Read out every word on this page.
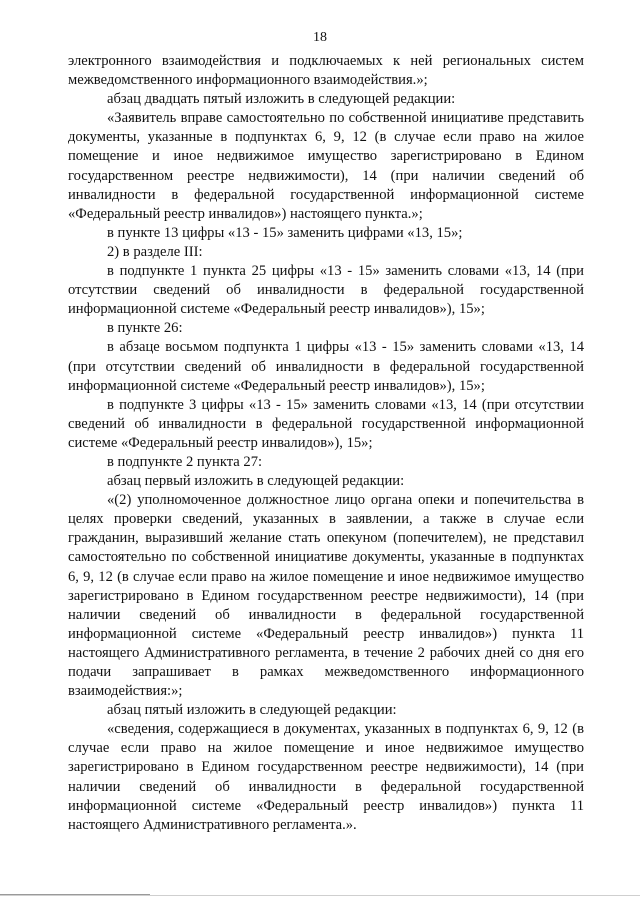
18

электронного взаимодействия и подключаемых к ней региональных систем межведомственного информационного взаимодействия.»;

абзац двадцать пятый изложить в следующей редакции:

«Заявитель вправе самостоятельно по собственной инициативе представить документы, указанные в подпунктах 6, 9, 12 (в случае если право на жилое помещение и иное недвижимое имущество зарегистрировано в Едином государственном реестре недвижимости), 14 (при наличии сведений об инвалидности в федеральной государственной информационной системе «Федеральный реестр инвалидов») настоящего пункта.»;

в пункте 13 цифры «13 - 15» заменить цифрами «13, 15»;

2) в разделе III:

в подпункте 1 пункта 25 цифры «13 - 15» заменить словами «13, 14 (при отсутствии сведений об инвалидности в федеральной государственной информационной системе «Федеральный реестр инвалидов»), 15»;

в пункте 26:

в абзаце восьмом подпункта 1 цифры «13 - 15» заменить словами «13, 14 (при отсутствии сведений об инвалидности в федеральной государственной информационной системе «Федеральный реестр инвалидов»), 15»;

в подпункте 3 цифры «13 - 15» заменить словами «13, 14 (при отсутствии сведений об инвалидности в федеральной государственной информационной системе «Федеральный реестр инвалидов»), 15»;

в подпункте 2 пункта 27:

абзац первый изложить в следующей редакции:

«(2) уполномоченное должностное лицо органа опеки и попечительства в целях проверки сведений, указанных в заявлении, а также в случае если гражданин, выразивший желание стать опекуном (попечителем), не представил самостоятельно по собственной инициативе документы, указанные в подпунктах 6, 9, 12 (в случае если право на жилое помещение и иное недвижимое имущество зарегистрировано в Едином государственном реестре недвижимости), 14 (при наличии сведений об инвалидности в федеральной государственной информационной системе «Федеральный реестр инвалидов») пункта 11 настоящего Административного регламента, в течение 2 рабочих дней со дня его подачи запрашивает в рамках межведомственного информационного взаимодействия:»;

абзац пятый изложить в следующей редакции:

«сведения, содержащиеся в документах, указанных в подпунктах 6, 9, 12 (в случае если право на жилое помещение и иное недвижимое имущество зарегистрировано в Едином государственном реестре недвижимости), 14 (при наличии сведений об инвалидности в федеральной государственной информационной системе «Федеральный реестр инвалидов») пункта 11 настоящего Административного регламента.».
